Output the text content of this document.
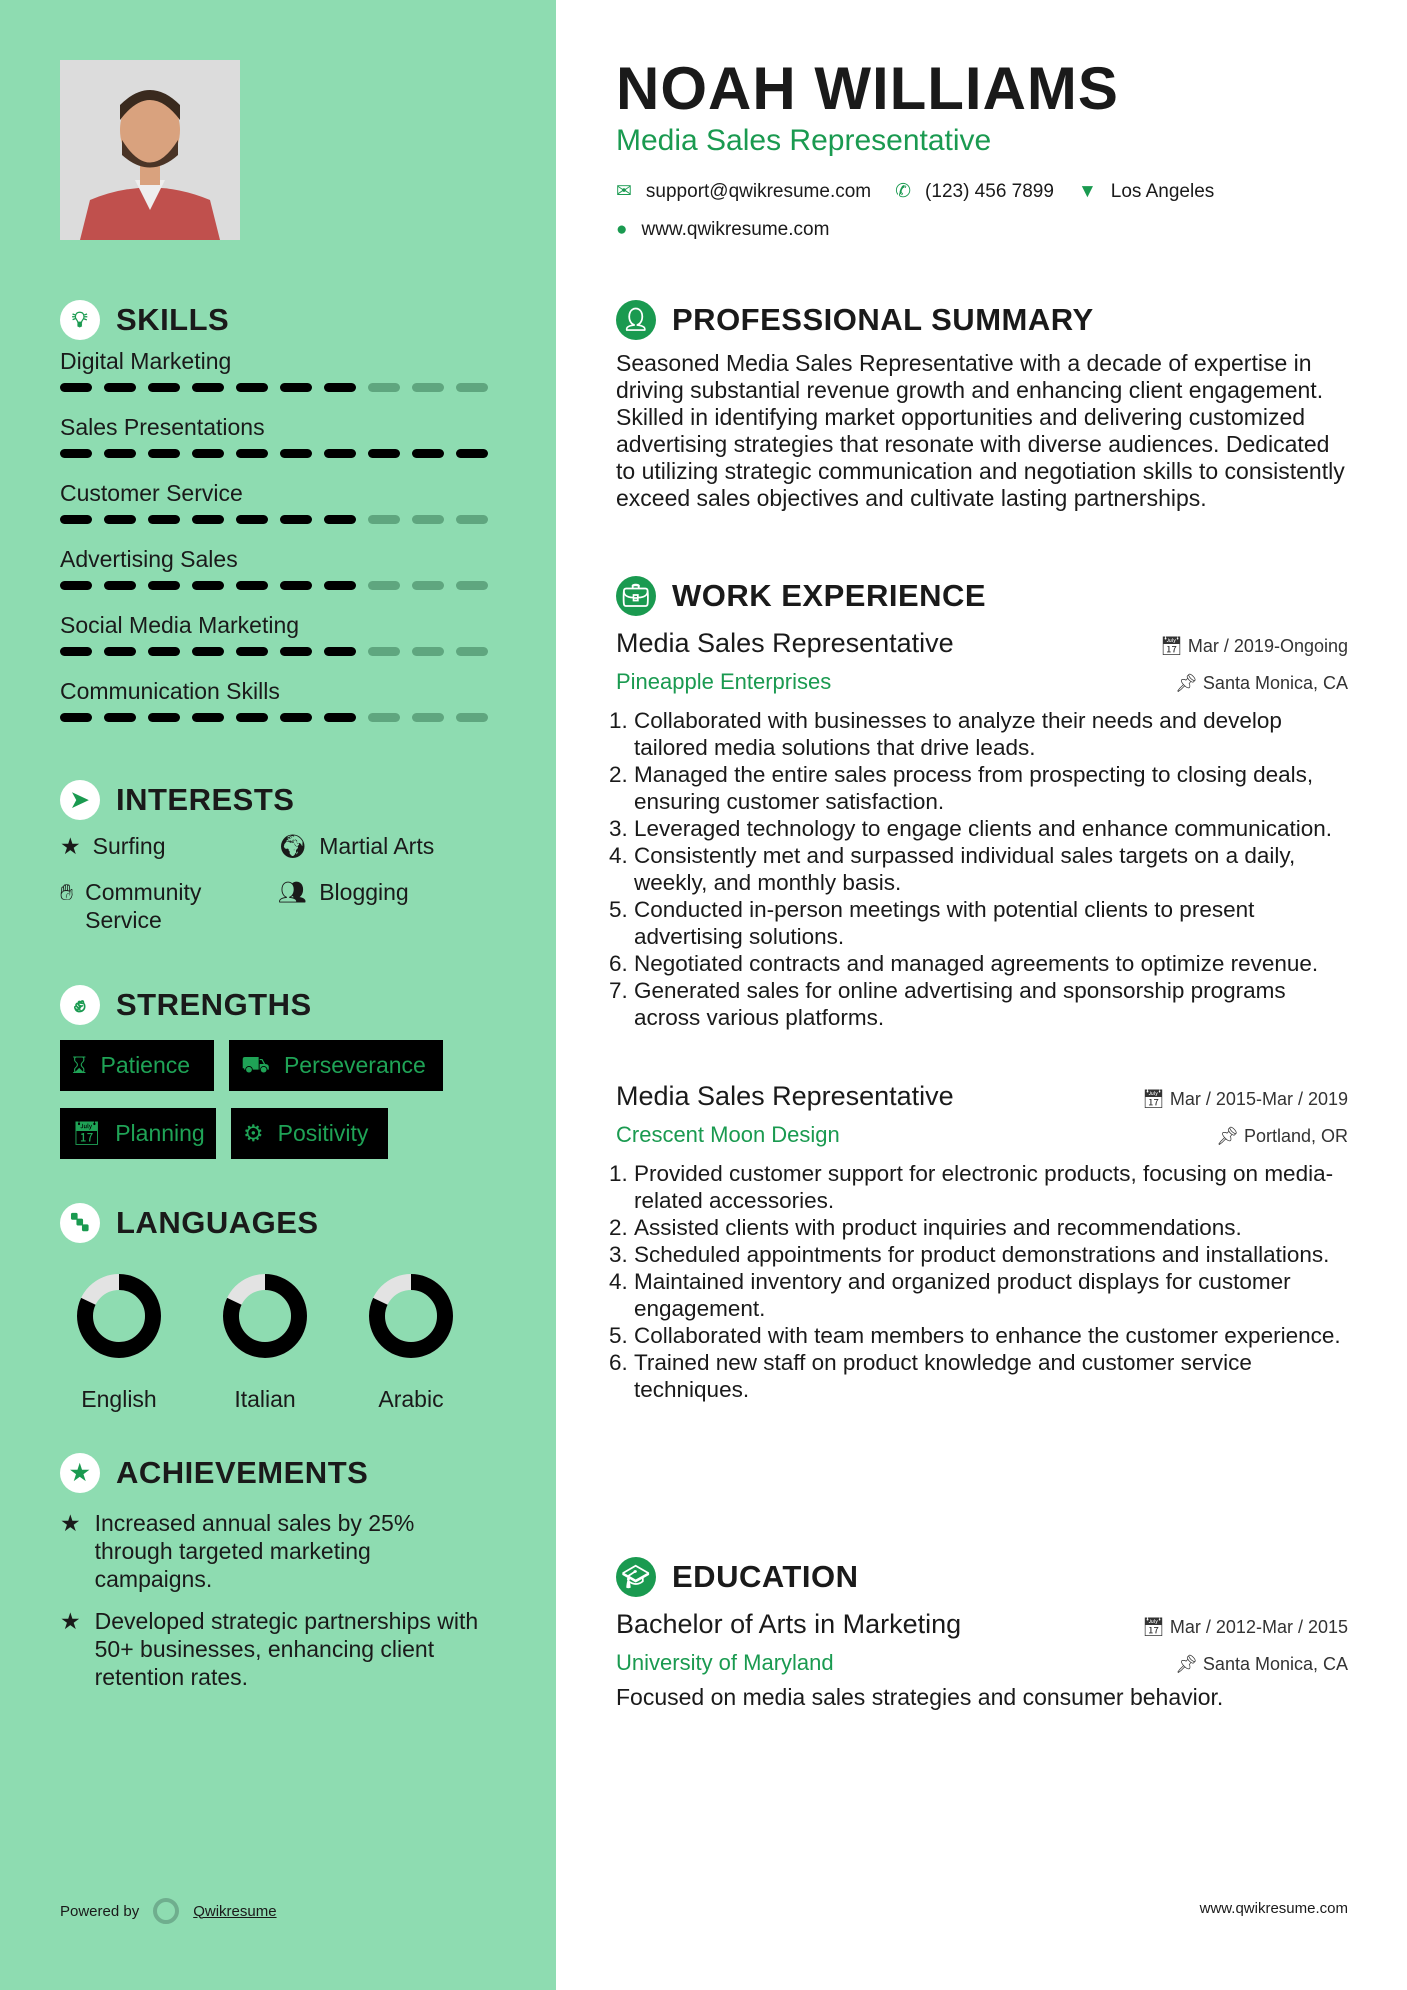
💡︎ SKILLS
Digital Marketing
Sales Presentations
Customer Service
Advertising Sales
Social Media Marketing
Communication Skills
➤ INTERESTS
★ Surfing	🌍︎ Martial Arts
✋︎ Community Service
👥︎ Blogging
✊︎ STRENGTHS
⌛︎ Patience ⛟︎ Perseverance
📅︎ Planning ⚙ Positivity
🔤︎ LANGUAGES
English	Italian	Arabic
★ ACHIEVEMENTS
★ Increased annual sales by 25% through targeted marketing campaigns.
★ Developed strategic partnerships with 50+ businesses, enhancing client retention rates.
Powered by	Qwikresume	www.qwikresume.com
NOAH WILLIAMS
Media Sales Representative
✉ support@qwikresume.com ✆ (123) 456 7899 ▼ Los Angeles
● www.qwikresume.com
👤︎ PROFESSIONAL SUMMARY
Seasoned Media Sales Representative with a decade of expertise in driving substantial revenue growth and enhancing client engagement. Skilled in identifying market opportunities and delivering customized advertising strategies that resonate with diverse audiences. Dedicated to utilizing strategic communication and negotiation skills to consistently exceed sales objectives and cultivate lasting partnerships.
💼︎ WORK EXPERIENCE
Media Sales Representative	📅︎ Mar / 2019-Ongoing
Pineapple Enterprises	📌︎ Santa Monica, CA
1. Collaborated with businesses to analyze their needs and develop tailored media solutions that drive leads.
2. Managed the entire sales process from prospecting to closing deals, ensuring customer satisfaction.
3. Leveraged technology to engage clients and enhance communication.
4. Consistently met and surpassed individual sales targets on a daily, weekly, and monthly basis.
5. Conducted in-person meetings with potential clients to present advertising solutions.
6. Negotiated contracts and managed agreements to optimize revenue.
7. Generated sales for online advertising and sponsorship programs across various platforms.
Media Sales Representative	📅︎ Mar / 2015-Mar / 2019
Crescent Moon Design	📌︎ Portland, OR
1. Provided customer support for electronic products, focusing on media-related accessories.
2. Assisted clients with product inquiries and recommendations.
3. Scheduled appointments for product demonstrations and installations.
4. Maintained inventory and organized product displays for customer engagement.
5. Collaborated with team members to enhance the customer experience.
6. Trained new staff on product knowledge and customer service techniques.
🎓︎ EDUCATION
Bachelor of Arts in Marketing	📅︎ Mar / 2012-Mar / 2015
University of Maryland	📌︎ Santa Monica, CA
Focused on media sales strategies and consumer behavior.
